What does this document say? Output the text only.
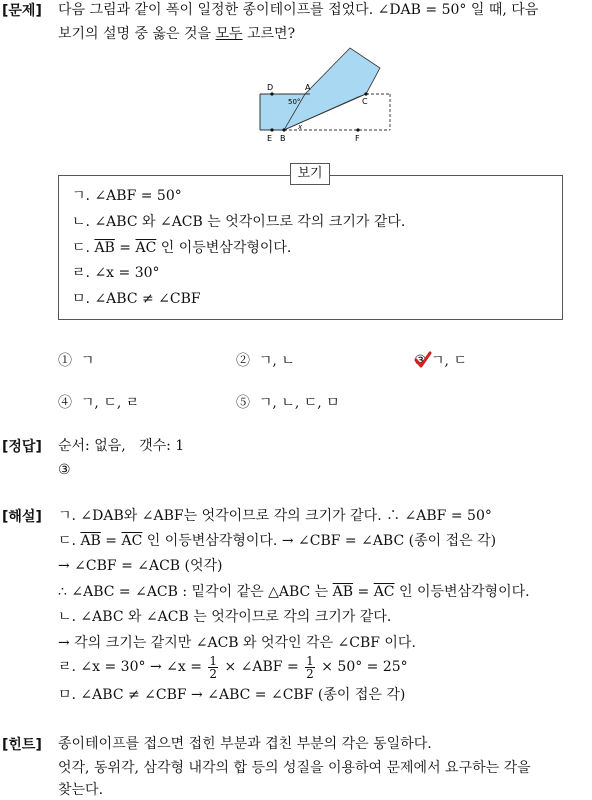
[문제] 다음 그림과 같이 폭이 일정한 종이테이프를 접었다. ∠DAB = 50° 일 때, 다음
보기의 설명 중 옳은 것을 모두 고르면?
D	A
C
E B	F
50°
x
보기
ㄱ. ∠ABF = 50°
ㄴ. ∠ABC 와 ∠ACB 는 엇각이므로 각의 크기가 같다.
ㄷ. $\overline{AB} = \overline{AC}$ 인 이등변삼각형이다.
ㄹ. ∠x = 30°
ㅁ. ∠ABC ≠ ∠CBF
① ㄱ	② ㄱ, ㄴ	③ ㄱ, ㄷ
④ ㄱ, ㄷ, ㄹ	⑤ ㄱ, ㄴ, ㄷ, ㅁ
[정답] 순서: 없음,   갯수: 1
③
[해설] ㄱ. ∠DAB와 ∠ABF는 엇각이므로 각의 크기가 같다. ∴ ∠ABF = 50°
ㄷ. $\overline{AB} = \overline{AC}$ 인 이등변삼각형이다. → ∠CBF = ∠ABC (종이 접은 각)
→ ∠CBF = ∠ACB (엇각)
∴ ∠ABC = ∠ACB : 밑각이 같은 △ABC 는 $\overline{AB} = \overline{AC}$ 인 이등변삼각형이다.
ㄴ. ∠ABC 와 ∠ACB 는 엇각이므로 각의 크기가 같다.
→ 각의 크기는 같지만 ∠ACB 와 엇각인 각은 ∠CBF 이다.
ㄹ. ∠x = 30° → ∠x = $\frac{1}{2}$ × ∠ABF = $\frac{1}{2} \times 50^\circ = 25^\circ$
ㅁ. ∠ABC ≠ ∠CBF → ∠ABC = ∠CBF (종이 접은 각)
[힌트] 종이테이프를 접으면 접힌 부분과 겹친 부분의 각은 동일하다.
엇각, 동위각, 삼각형 내각의 합 등의 성질을 이용하여 문제에서 요구하는 각을
찾는다.
